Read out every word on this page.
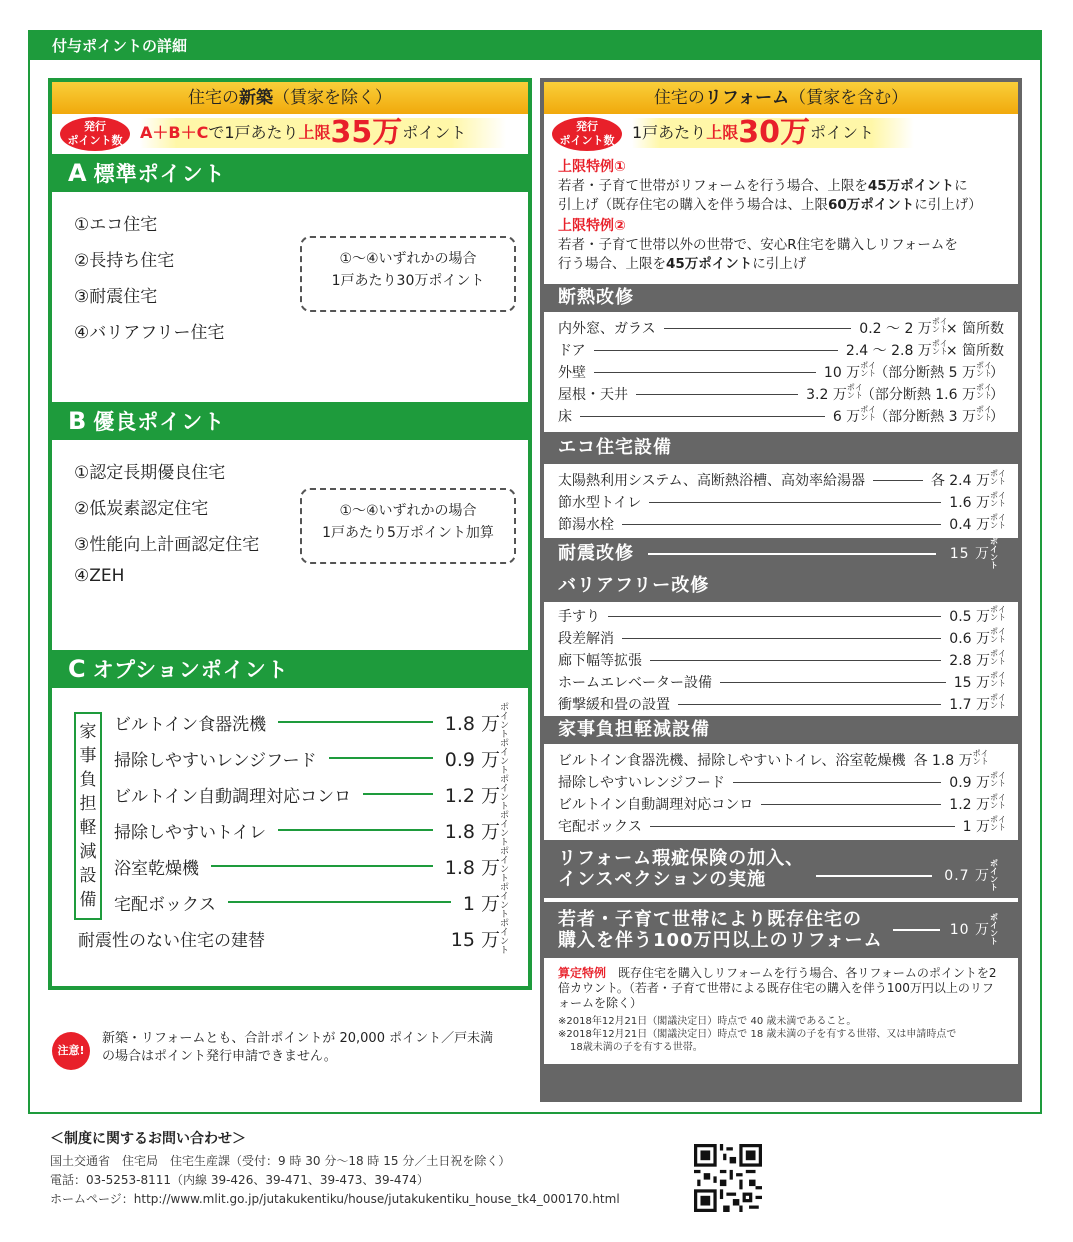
付与ポイントの詳細
住宅の新築（賃家を除く）
発行
ポイント数	A＋B＋Cで1戸あたり上限35万ポイント
A 標準ポイント
①エコ住宅
②長持ち住宅
③耐震住宅
④バリアフリー住宅
①～④いずれかの場合
1戸あたり30万ポイント
B 優良ポイント
①認定長期優良住宅
②低炭素認定住宅
③性能向上計画認定住宅
④ZEH
①～④いずれかの場合
1戸あたり5万ポイント加算
C オプションポイント
家
事
負
担
軽
減
設
備
ビルトイン食器洗機	1.8 万
ポイ
ント
掃除しやすいレンジフード	0.9 万
ポイ
ント
ビルトイン自動調理対応コンロ	1.2 万
ポイ
ント
掃除しやすいトイレ	1.8 万
ポイ
ント
浴室乾燥機	1.8 万
ポイ
ント
宅配ボックス	1 万
ポイ
ント
耐震性のない住宅の建替	15 万
ポイ
ント
住宅のリフォーム（賃家を含む）
発行
ポイント数	1戸あたり上限30万ポイント
上限特例①
若者・子育て世帯がリフォームを行う場合、上限を45万ポイントに
引上げ（既存住宅の購入を伴う場合は、上限60万ポイントに引上げ）
上限特例②
若者・子育て世帯以外の世帯で、安心R住宅を購入しリフォームを
行う場合、上限を45万ポイントに引上げ
断熱改修
内外窓、ガラス	0.2 ～ 2 万ポイ
ント× 箇所数
ドア	2.4 ～ 2.8 万ポイ
ント× 箇所数
外壁	10 万ポイ
ント（部分断熱 5 万ポイ
ント）
屋根・天井	3.2 万ポイ
ント（部分断熱 1.6 万ポイ
ント）
床	6 万ポイ
ント（部分断熱 3 万ポイ
ント）
エコ住宅設備
太陽熱利用システム、高断熱浴槽、高効率給湯器	各 2.4 万ポイ
ント
節水型トイレ	1.6 万ポイ
ント
節湯水栓	0.4 万ポイ
ント
耐震改修	15 万
ポイ
ント
バリアフリー改修
手すり	0.5 万ポイ
ント
段差解消	0.6 万ポイ
ント
廊下幅等拡張	2.8 万ポイ
ント
ホームエレベーター設備	15 万ポイ
ント
衝撃緩和畳の設置	1.7 万ポイ
ント
家事負担軽減設備
ビルトイン食器洗機、掃除しやすいトイレ、浴室乾燥機 各 1.8 万ポイ
ント
掃除しやすいレンジフード	0.9 万ポイ
ント
ビルトイン自動調理対応コンロ	1.2 万ポイ
ント
宅配ボックス	1 万ポイ
ント
リフォーム瑕疵保険の加入、
インスペクションの実施	0.7 万
ポイ
ント
若者・子育て世帯により既存住宅の
購入を伴う100万円以上のリフォーム
10 万
ポイ
ント
算定特例　 既存住宅を購入しリフォームを行う場合、各リフォームのポイントを2倍カウント。（若者・子育て世帯による既存住宅の購入を伴う100万円以上のリフォームを除く）
※2018年12月21日（閣議決定日）時点で 40 歳未満であること。
※2018年12月21日（閣議決定日）時点で 18 歳未満の子を有する世帯、又は申請時点で
18歳未満の子を有する世帯。
注意!
新築・リフォームとも、合計ポイントが 20,000 ポイント／戸未満
の場合はポイント発行申請できません。
＜制度に関するお問い合わせ＞
国土交通省　住宅局　住宅生産課（受付：9 時 30 分～18 時 15 分／土日祝を除く）
電話：03-5253-8111（内線 39-426、39-471、39-473、39-474）
ホームページ：http://www.mlit.go.jp/jutakukentiku/house/jutakukentiku_house_tk4_000170.html
